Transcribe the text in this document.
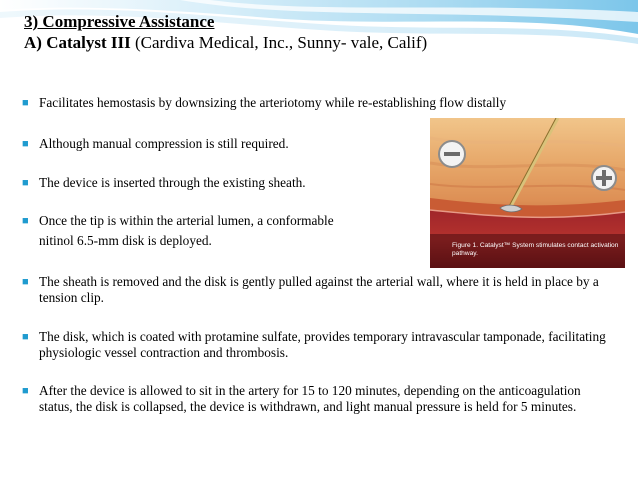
3) Compressive Assistance
A) Catalyst III (Cardiva Medical, Inc., Sunny- vale, Calif)
■ Facilitates hemostasis by downsizing the arteriotomy while re-establishing flow distally
■ Although manual compression is still required.
■ The device is inserted through the existing sheath.
■ Once the tip is within the arterial lumen, a conformable
nitinol 6.5-mm disk is deployed.
■ The sheath is removed and the disk is gently pulled against the arterial wall, where it is held in place by a tension clip.
■ The disk, which is coated with protamine sulfate, provides temporary intravascular tamponade, facilitating physiologic vessel contraction and thrombosis.
■ After the device is allowed to sit in the artery for 15 to 120 minutes, depending on the anticoagulation status, the disk is collapsed, the device is withdrawn, and light manual pressure is held for 5 minutes.
Figure 1. Catalyst™ System stimulates contact activation pathway.
